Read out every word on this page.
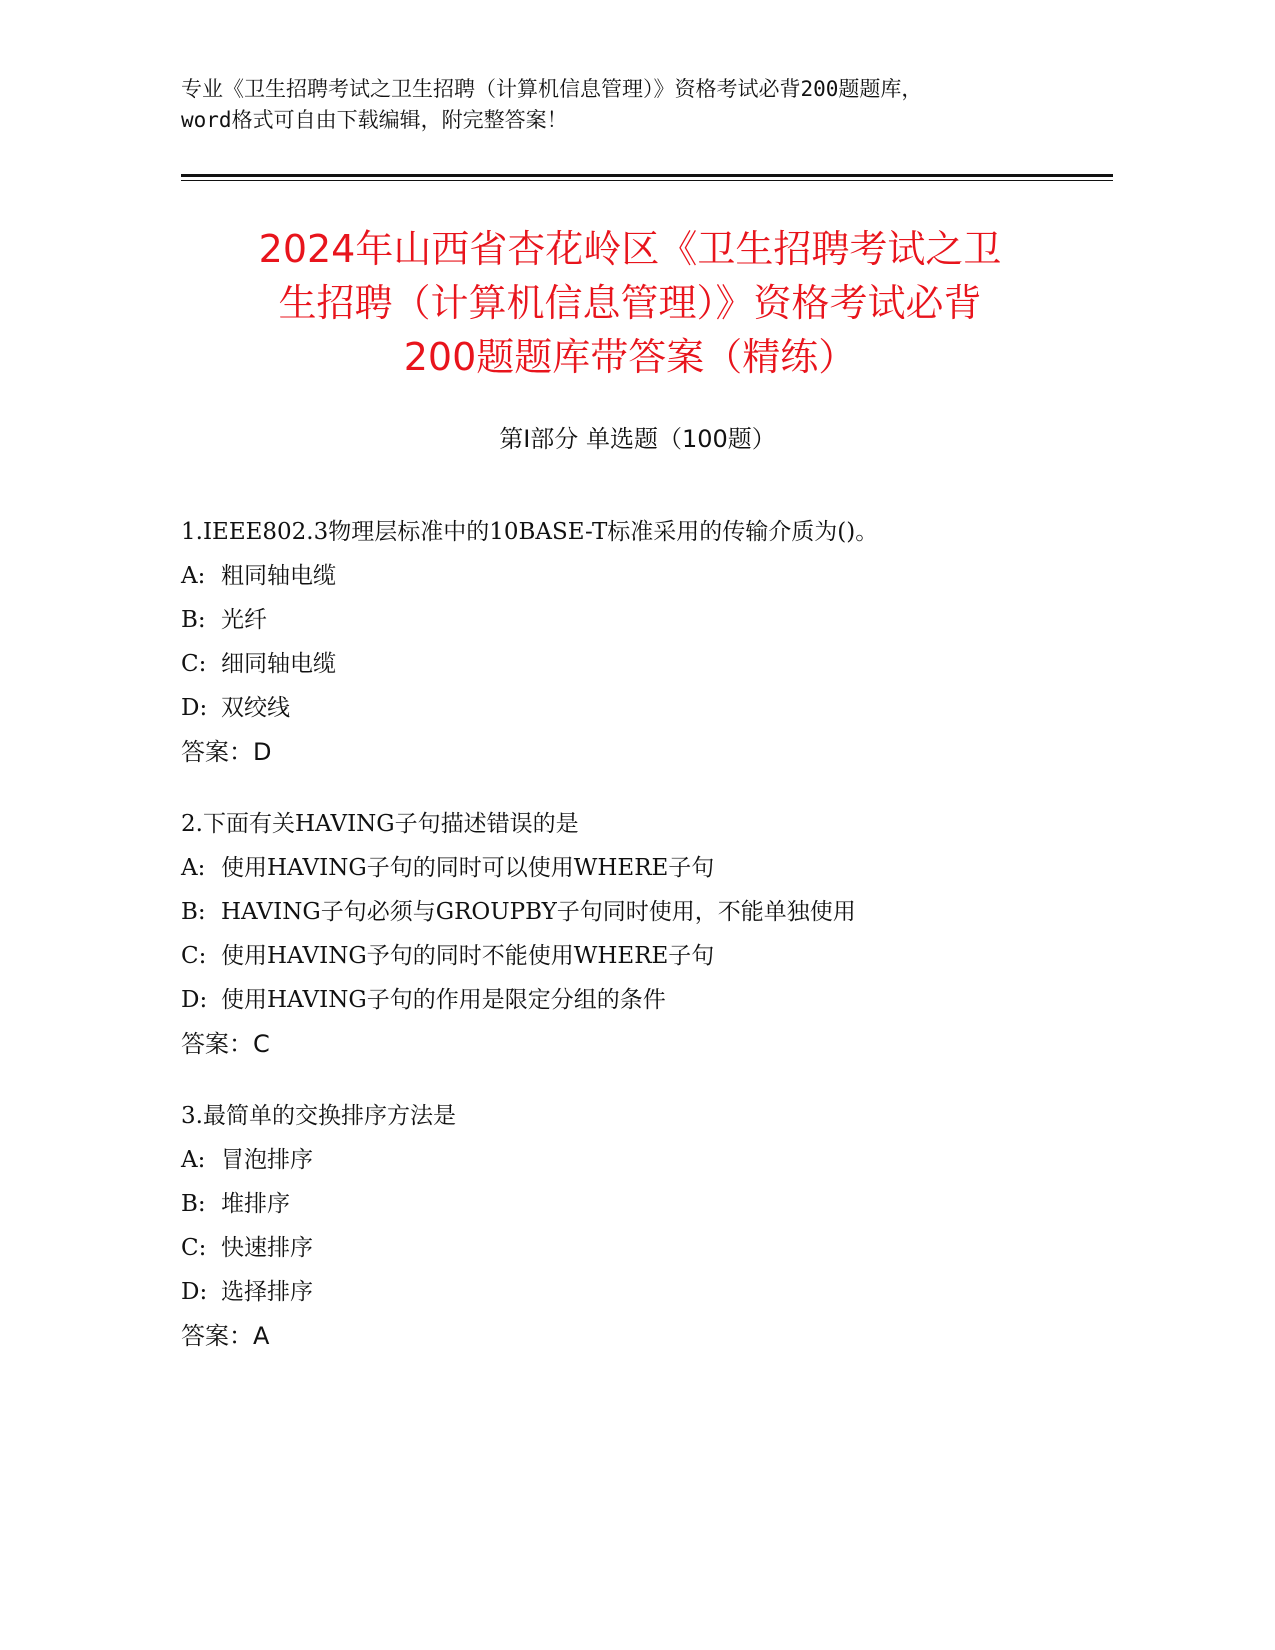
专业《卫生招聘考试之卫生招聘（计算机信息管理）》资格考试必背200题题库，
word格式可自由下载编辑，附完整答案！
2024年山西省杏花岭区《卫生招聘考试之卫
生招聘（计算机信息管理）》资格考试必背
200题题库带答案（精练）
第Ⅰ部分 单选题（100题）
1.IEEE802.3物理层标准中的10BASE-T标准采用的传输介质为()。
A: 粗同轴电缆
B: 光纤
C: 细同轴电缆
D: 双绞线
答案：D
2.下面有关HAVING子句描述错误的是
A: 使用HAVING子句的同时可以使用WHERE子句
B: HAVING子句必须与GROUPBY子句同时使用，不能单独使用
C: 使用HAVING予句的同时不能使用WHERE子句
D: 使用HAVING子句的作用是限定分组的条件
答案：C
3.最简单的交换排序方法是
A: 冒泡排序
B: 堆排序
C: 快速排序
D: 选择排序
答案：A
